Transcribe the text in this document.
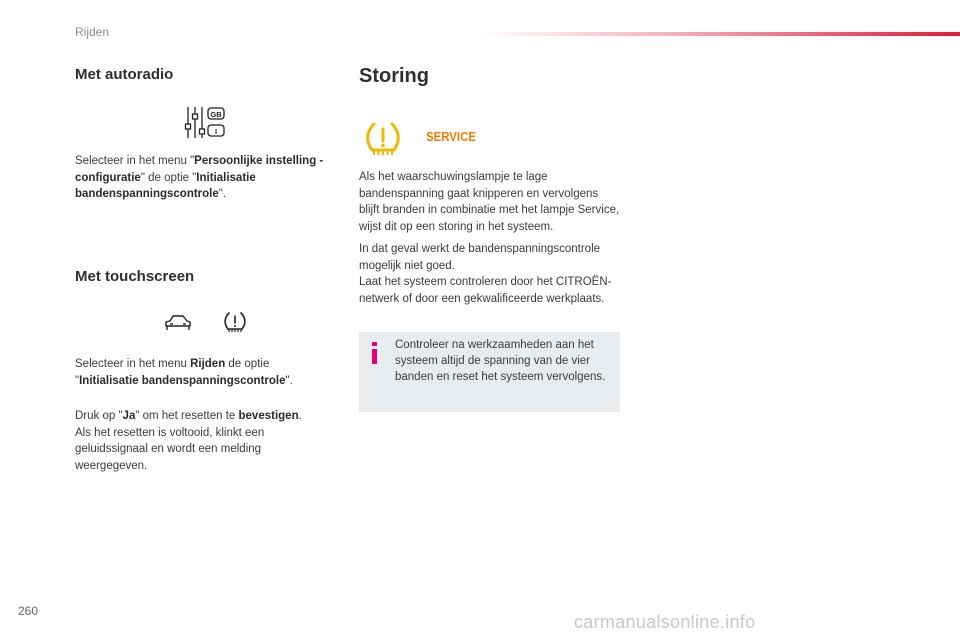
Rijden
Met autoradio
GB
I
Selecteer in het menu "Persoonlijke instelling - configuratie" de optie "Initialisatie bandenspanningscontrole".
Met touchscreen
Selecteer in het menu Rijden de optie "Initialisatie bandenspanningscontrole".
Druk op "Ja" om het resetten te bevestigen.
Als het resetten is voltooid, klinkt een geluidssignaal en wordt een melding weergegeven.
Storing
SERVICE
Als het waarschuwingslampje te lage bandenspanning gaat knipperen en vervolgens blijft branden in combinatie met het lampje Service, wijst dit op een storing in het systeem.
In dat geval werkt de bandenspanningscontrole mogelijk niet goed.
Laat het systeem controleren door het CITROËN-netwerk of door een gekwalificeerde werkplaats.
Controleer na werkzaamheden aan het systeem altijd de spanning van de vier banden en reset het systeem vervolgens.
260
carmanualsonline.info
